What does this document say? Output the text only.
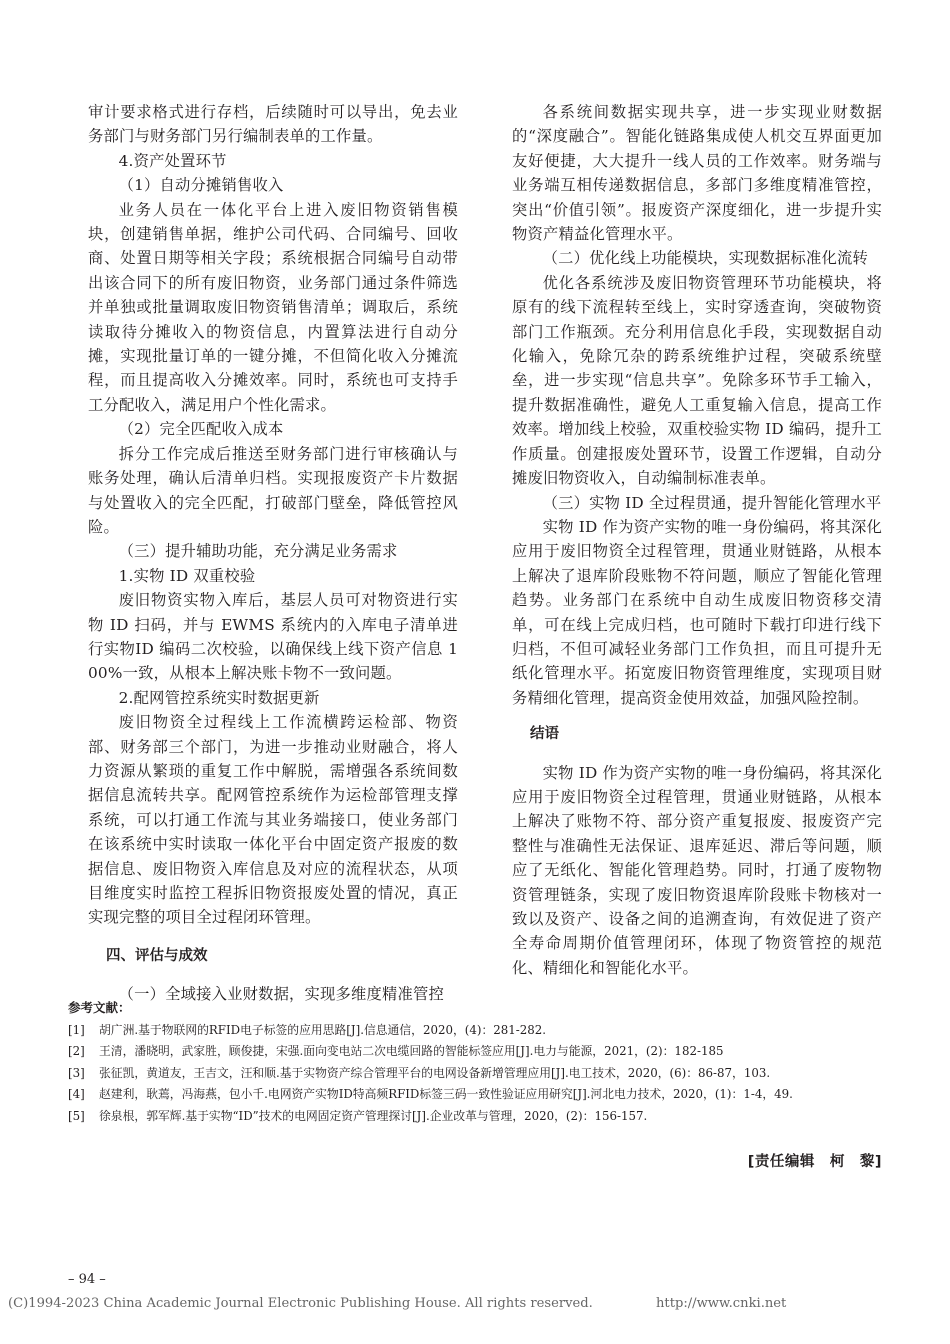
审计要求格式进行存档，后续随时可以导出，免去业务部门与财务部门另行编制表单的工作量。

4.资产处置环节

（1）自动分摊销售收入

业务人员在一体化平台上进入废旧物资销售模块，创建销售单据，维护公司代码、合同编号、回收商、处置日期等相关字段；系统根据合同编号自动带出该合同下的所有废旧物资，业务部门通过条件筛选并单独或批量调取废旧物资销售清单；调取后，系统读取待分摊收入的物资信息，内置算法进行自动分摊，实现批量订单的一键分摊，不但简化收入分摊流程，而且提高收入分摊效率。同时，系统也可支持手工分配收入，满足用户个性化需求。

（2）完全匹配收入成本

拆分工作完成后推送至财务部门进行审核确认与账务处理，确认后清单归档。实现报废资产卡片数据与处置收入的完全匹配，打破部门壁垒，降低管控风险。

（三）提升辅助功能，充分满足业务需求

1.实物 ID 双重校验

废旧物资实物入库后，基层人员可对物资进行实物 ID 扫码，并与 EWMS 系统内的入库电子清单进行实物ID 编码二次校验，以确保线上线下资产信息 100%一致，从根本上解决账卡物不一致问题。

2.配网管控系统实时数据更新

废旧物资全过程线上工作流横跨运检部、物资部、财务部三个部门，为进一步推动业财融合，将人力资源从繁琐的重复工作中解脱，需增强各系统间数据信息流转共享。配网管控系统作为运检部管理支撑系统，可以打通工作流与其业务端接口，使业务部门在该系统中实时读取一体化平台中固定资产报废的数据信息、废旧物资入库信息及对应的流程状态，从项目维度实时监控工程拆旧物资报废处置的情况，真正实现完整的项目全过程闭环管理。

四、评估与成效

（一）全域接入业财数据，实现多维度精准管控

各系统间数据实现共享，进一步实现业财数据的“深度融合”。智能化链路集成使人机交互界面更加友好便捷，大大提升一线人员的工作效率。财务端与业务端互相传递数据信息，多部门多维度精准管控，突出“价值引领”。报废资产深度细化，进一步提升实物资产精益化管理水平。

（二）优化线上功能模块，实现数据标准化流转

优化各系统涉及废旧物资管理环节功能模块，将原有的线下流程转至线上，实时穿透查询，突破物资部门工作瓶颈。充分利用信息化手段，实现数据自动化输入，免除冗杂的跨系统维护过程，突破系统壁垒，进一步实现“信息共享”。免除多环节手工输入，提升数据准确性，避免人工重复输入信息，提高工作效率。增加线上校验，双重校验实物 ID 编码，提升工作质量。创建报废处置环节，设置工作逻辑，自动分摊废旧物资收入，自动编制标准表单。

（三）实物 ID 全过程贯通，提升智能化管理水平

实物 ID 作为资产实物的唯一身份编码，将其深化应用于废旧物资全过程管理，贯通业财链路，从根本上解决了退库阶段账物不符问题，顺应了智能化管理趋势。业务部门在系统中自动生成废旧物资移交清单，可在线上完成归档，也可随时下载打印进行线下归档，不但可减轻业务部门工作负担，而且可提升无纸化管理水平。拓宽废旧物资管理维度，实现项目财务精细化管理，提高资金使用效益，加强风险控制。

结语

实物 ID 作为资产实物的唯一身份编码，将其深化应用于废旧物资全过程管理，贯通业财链路，从根本上解决了账物不符、部分资产重复报废、报废资产完整性与准确性无法保证、退库延迟、滞后等问题，顺应了无纸化、智能化管理趋势。同时，打通了废物物资管理链条，实现了废旧物资退库阶段账卡物核对一致以及资产、设备之间的追溯查询，有效促进了资产全寿命周期价值管理闭环，体现了物资管控的规范化、精细化和智能化水平。

参考文献：

[1]	胡广洲.基于物联网的RFID电子标签的应用思路[J].信息通信，2020，(4)：281-282.
[2]	王清，潘晓明，武家胜，顾俊捷，宋强.面向变电站二次电缆回路的智能标签应用[J].电力与能源，2021，(2)：182-185
[3]	张征凯，黄道友，王吉文，汪和顺.基于实物资产综合管理平台的电网设备新增管理应用[J].电工技术，2020，(6)：86-87，103.
[4]	赵建利，耿蔫，冯海燕，包小千.电网资产实物ID特高频RFID标签三码一致性验证应用研究[J].河北电力技术，2020，(1)：1-4，49.
[5]	徐泉根，郭军辉.基于实物“ID”技术的电网固定资产管理探讨[J].企业改革与管理，2020，(2)：156-157.
[责任编辑　柯　黎]
– 94 –
(C)1994-2023 China Academic Journal Electronic Publishing House. All rights reserved.	http://www.cnki.net
